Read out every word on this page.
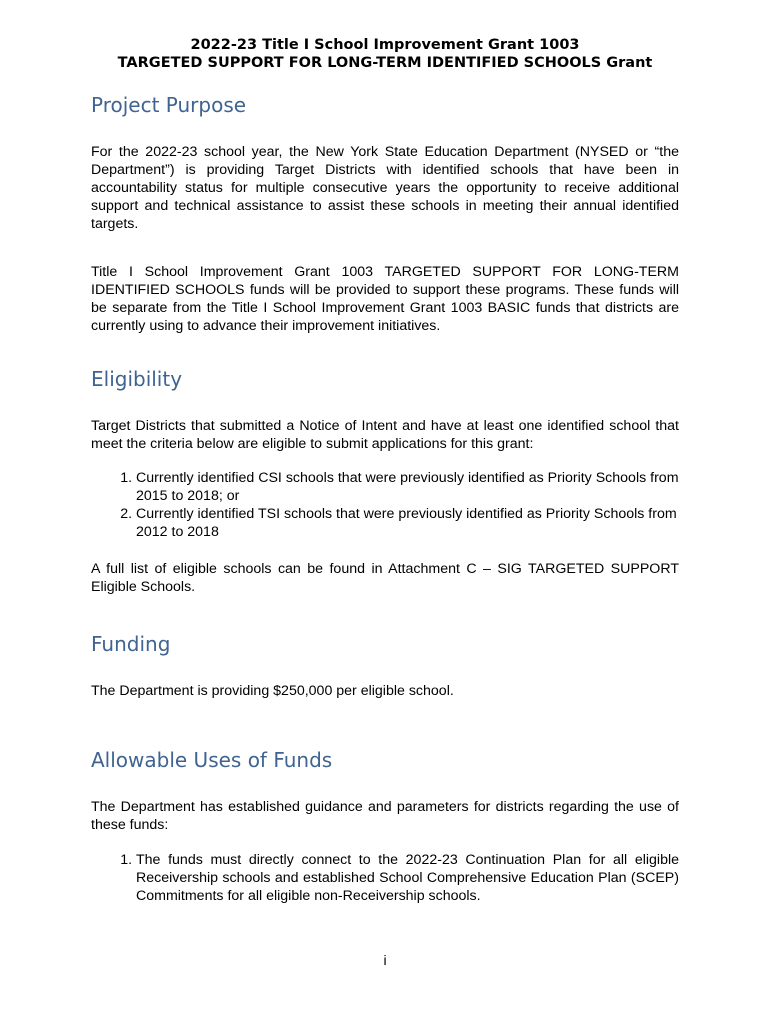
2022-23 Title I School Improvement Grant 1003
TARGETED SUPPORT FOR LONG-TERM IDENTIFIED SCHOOLS Grant
Project Purpose

For the 2022-23 school year, the New York State Education Department (NYSED or “the Department”) is providing Target Districts with identified schools that have been in accountability status for multiple consecutive years the opportunity to receive additional support and technical assistance to assist these schools in meeting their annual identified targets.

Title I School Improvement Grant 1003 TARGETED SUPPORT FOR LONG-TERM IDENTIFIED SCHOOLS funds will be provided to support these programs. These funds will be separate from the Title I School Improvement Grant 1003 BASIC funds that districts are currently using to advance their improvement initiatives.

Eligibility

Target Districts that submitted a Notice of Intent and have at least one identified school that meet the criteria below are eligible to submit applications for this grant:

1. Currently identified CSI schools that were previously identified as Priority Schools from 2015 to 2018; or
2. Currently identified TSI schools that were previously identified as Priority Schools from 2012 to 2018

A full list of eligible schools can be found in Attachment C – SIG TARGETED SUPPORT Eligible Schools.

Funding

The Department is providing $250,000 per eligible school.

Allowable Uses of Funds

The Department has established guidance and parameters for districts regarding the use of these funds:

1. The funds must directly connect to the 2022-23 Continuation Plan for all eligible Receivership schools and established School Comprehensive Education Plan (SCEP) Commitments for all eligible non-Receivership schools.
i
